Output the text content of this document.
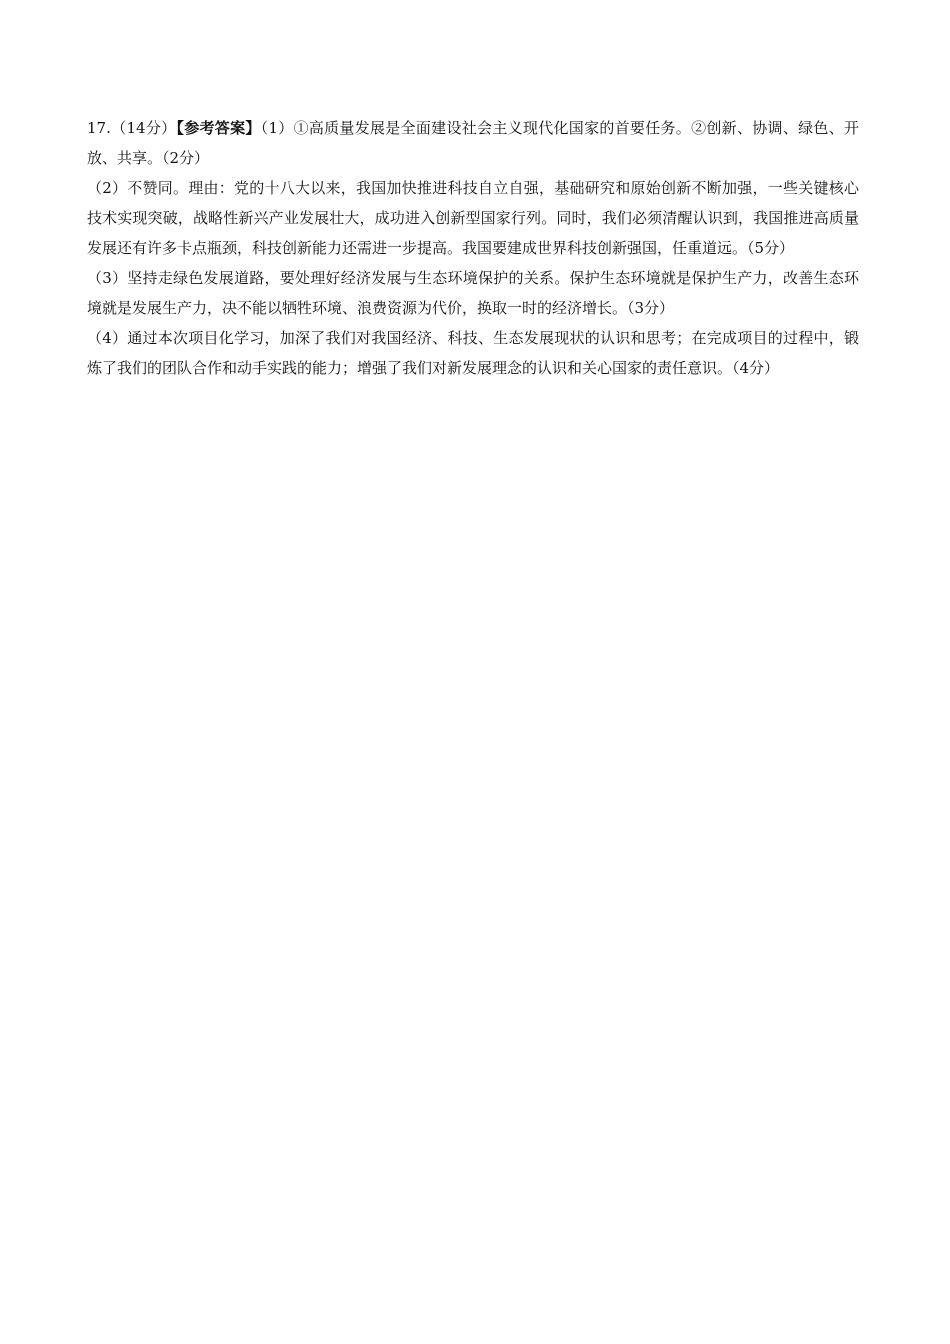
17.（14分）【参考答案】（1）①高质量发展是全面建设社会主义现代化国家的首要任务。②创新、协调、绿色、开放、共享。（2分）

（2）不赞同。理由：党的十八大以来，我国加快推进科技自立自强，基础研究和原始创新不断加强，一些关键核心技术实现突破，战略性新兴产业发展壮大，成功进入创新型国家行列。同时，我们必须清醒认识到，我国推进高质量发展还有许多卡点瓶颈，科技创新能力还需进一步提高。我国要建成世界科技创新强国，任重道远。（5分）

（3）坚持走绿色发展道路，要处理好经济发展与生态环境保护的关系。保护生态环境就是保护生产力，改善生态环境就是发展生产力，决不能以牺牲环境、浪费资源为代价，换取一时的经济增长。（3分）

（4）通过本次项目化学习，加深了我们对我国经济、科技、生态发展现状的认识和思考；在完成项目的过程中，锻炼了我们的团队合作和动手实践的能力；增强了我们对新发展理念的认识和关心国家的责任意识。（4分）
